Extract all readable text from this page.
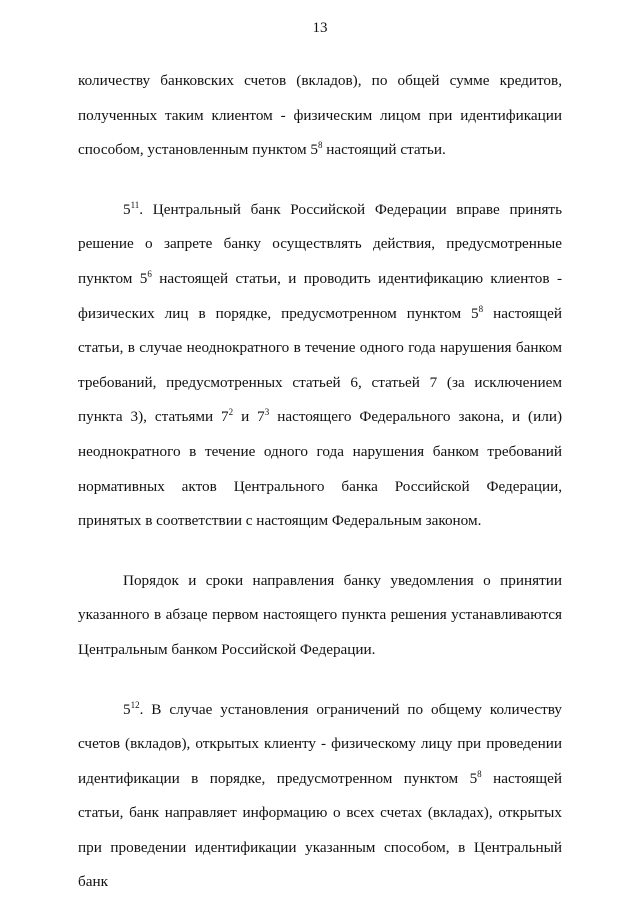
13

количеству банковских счетов (вкладов), по общей сумме кредитов, полученных таким клиентом - физическим лицом при идентификации способом, установленным пунктом $5^8$ настоящий статьи.

$5^{11}$. Центральный банк Российской Федерации вправе принять решение о запрете банку осуществлять действия, предусмотренные пунктом $5^6$ настоящей статьи, и проводить идентификацию клиентов - физических лиц в порядке, предусмотренном пунктом $5^8$ настоящей статьи, в случае неоднократного в течение одного года нарушения банком требований, предусмотренных статьей 6, статьей 7 (за исключением пункта 3), статьями $7^2$ и $7^3$ настоящего Федерального закона, и (или) неоднократного в течение одного года нарушения банком требований нормативных актов Центрального банка Российской Федерации, принятых в соответствии с настоящим Федеральным законом.

Порядок и сроки направления банку уведомления о принятии указанного в абзаце первом настоящего пункта решения устанавливаются Центральным банком Российской Федерации.

$5^{12}$. В случае установления ограничений по общему количеству счетов (вкладов), открытых клиенту - физическому лицу при проведении идентификации в порядке, предусмотренном пунктом $5^8$ настоящей статьи, банк направляет информацию о всех счетах (вкладах), открытых при проведении идентификации указанным способом, в Центральный банк
